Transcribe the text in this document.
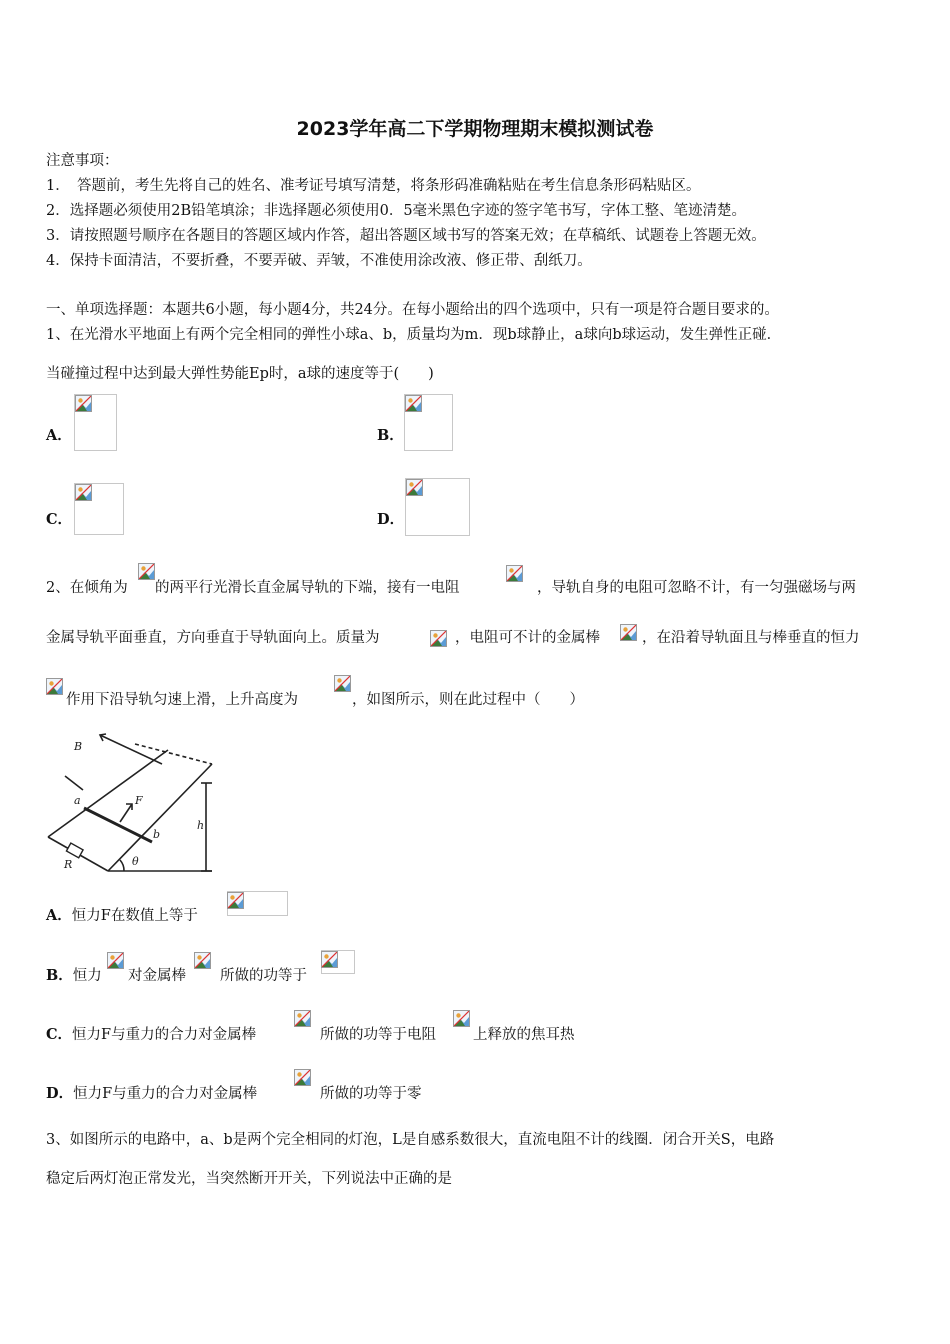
2023学年高二下学期物理期末模拟测试卷
注意事项：
1．　答题前，考生先将自己的姓名、准考证号填写清楚，将条形码准确粘贴在考生信息条形码粘贴区。
2．选择题必须使用2B铅笔填涂；非选择题必须使用0．5毫米黑色字迹的签字笔书写，字体工整、笔迹清楚。
3．请按照题号顺序在各题目的答题区域内作答，超出答题区域书写的答案无效；在草稿纸、试题卷上答题无效。
4．保持卡面清洁，不要折叠，不要弄破、弄皱，不准使用涂改液、修正带、刮纸刀。
一、单项选择题：本题共6小题，每小题4分，共24分。在每小题给出的四个选项中，只有一项是符合题目要求的。
1、在光滑水平地面上有两个完全相同的弹性小球a、b，质量均为m．现b球静止，a球向b球运动，发生弹性正碰．
当碰撞过程中达到最大弹性势能Ep时，a球的速度等于(　　)
A．	B．
C．	D．
2、在倾角为 的两平行光滑长直金属导轨的下端，接有一电阻	，导轨自身的电阻可忽略不计，有一匀强磁场与两
金属导轨平面垂直，方向垂直于导轨面向上。质量为	，电阻可不计的金属棒	，在沿着导轨面且与棒垂直的恒力
作用下沿导轨匀速上滑，上升高度为	，如图所示，则在此过程中（　　）
B
F
a
b
h
R	θ
A．恒力F在数值上等于
B．恒力 对金属棒 所做的功等于
C．恒力F与重力的合力对金属棒	所做的功等于电阻	上释放的焦耳热
D．恒力F与重力的合力对金属棒	所做的功等于零
3、如图所示的电路中，a、b是两个完全相同的灯泡，L是自感系数很大，直流电阻不计的线圈．闭合开关S，电路
稳定后两灯泡正常发光，当突然断开开关，下列说法中正确的是
